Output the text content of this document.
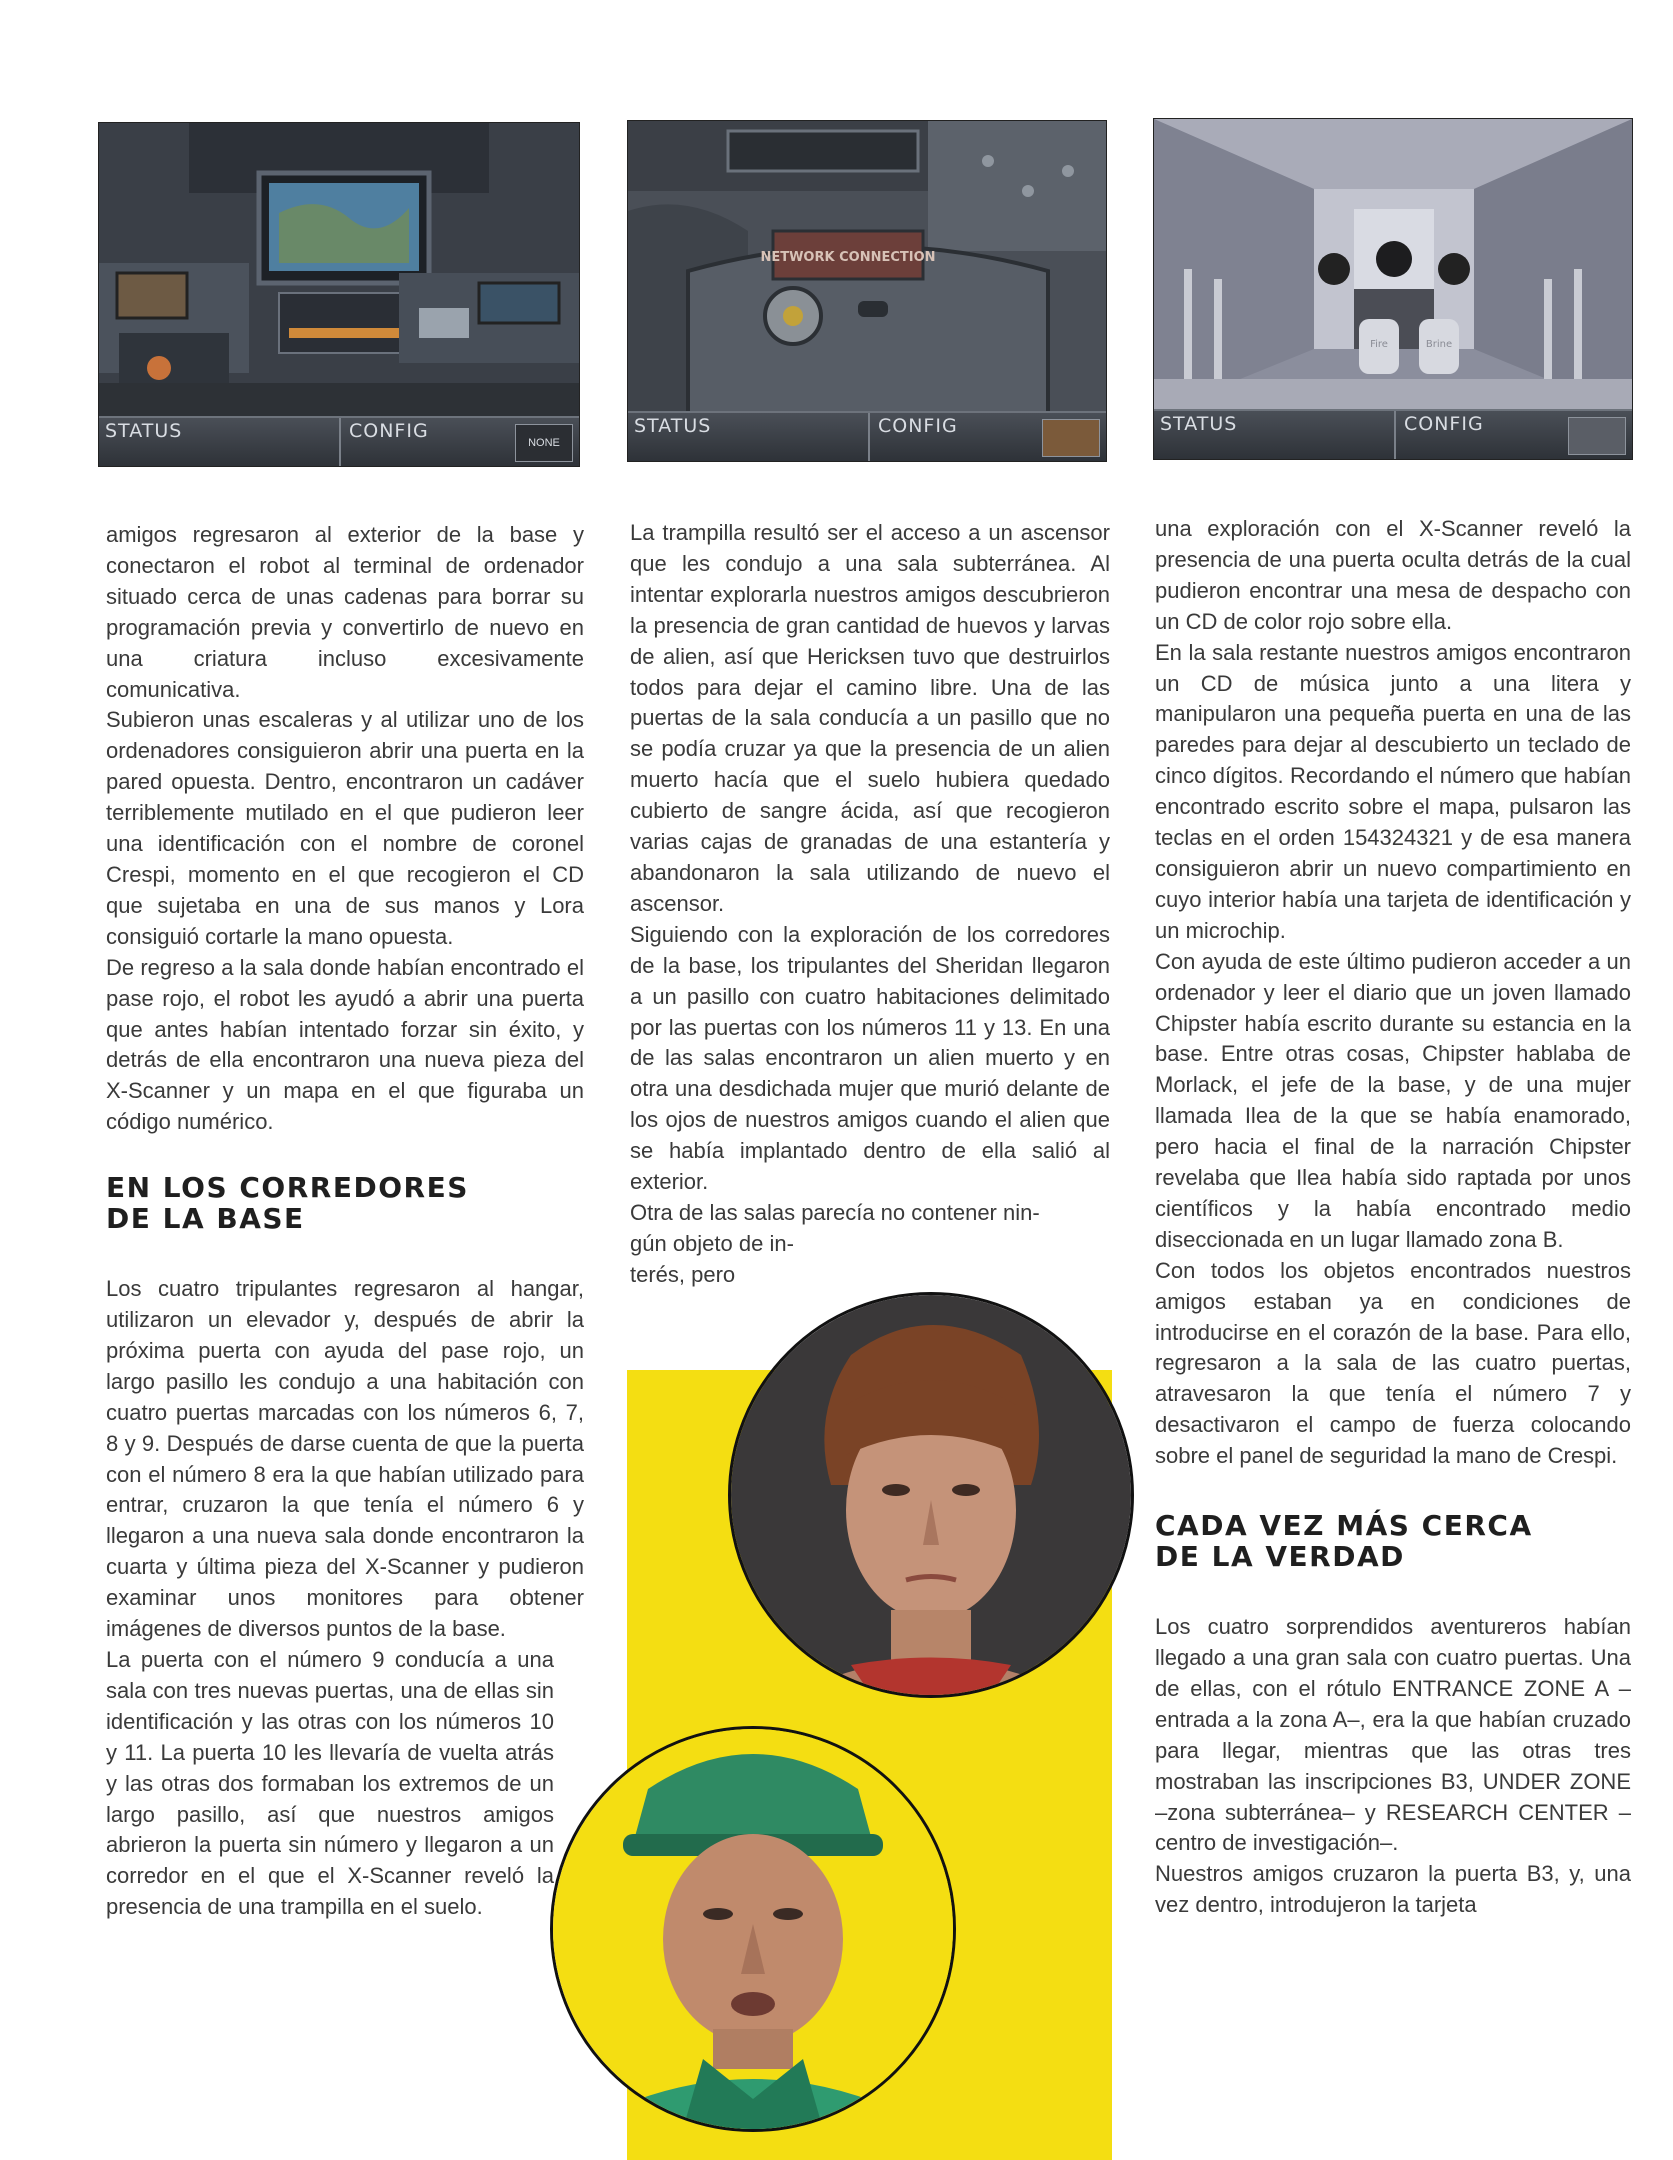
STATUS	CONFIG
NONE
NETWORK CONNECTION
STATUS	CONFIG
Fire	Brine
STATUS	CONFIG

amigos regresaron al exterior de la base y conectaron el robot al terminal de ordenador situado cerca de unas cadenas para borrar su programación previa y convertirlo de nuevo en una criatura incluso excesivamente comunicativa.

Subieron unas escaleras y al utilizar uno de los ordenadores consiguieron abrir una puerta en la pared opuesta. Dentro, encontraron un cadáver terriblemente mutilado en el que pudieron leer una identificación con el nombre de coronel Crespi, momento en el que recogieron el CD que sujetaba en una de sus manos y Lora consiguió cortarle la mano opuesta.

De regreso a la sala donde habían encontrado el pase rojo, el robot les ayudó a abrir una puerta que antes habían intentado forzar sin éxito, y detrás de ella encontraron una nueva pieza del X-Scanner y un mapa en el que figuraba un código numérico.

EN LOS CORREDORES

DE LA BASE

Los cuatro tripulantes regresaron al hangar, utilizaron un elevador y, después de abrir la próxima puerta con ayuda del pase rojo, un largo pasillo les condujo a una habitación con cuatro puertas marcadas con los números 6, 7, 8 y 9. Después de darse cuenta de que la puerta con el número 8 era la que habían utilizado para entrar, cruzaron la que tenía el número 6 y llegaron a una nueva sala donde encontraron la cuarta y última pieza del X-Scanner y pudieron examinar unos monitores para obtener imágenes de diversos puntos de la base.

La puerta con el número 9 conducía a una sala con tres nuevas puertas, una de ellas sin identificación y las otras con los números 10 y 11. La puerta 10 les llevaría de vuelta atrás y las otras dos formaban los extremos de un largo pasillo, así que nuestros amigos abrieron la puerta sin número y llegaron a un corredor en el que el X-Scanner reveló la presencia de una trampilla en el suelo.

La trampilla resultó ser el acceso a un ascensor que les condujo a una sala subterránea. Al intentar explorarla nuestros amigos descubrieron la presencia de gran cantidad de huevos y larvas de alien, así que Hericksen tuvo que destruirlos todos para dejar el camino libre. Una de las puertas de la sala conducía a un pasillo que no se podía cruzar ya que la presencia de un alien muerto hacía que el suelo hubiera quedado cubierto de sangre ácida, así que recogieron varias cajas de granadas de una estantería y abandonaron la sala utilizando de nuevo el ascensor.

Siguiendo con la exploración de los corredores de la base, los tripulantes del Sheridan llegaron a un pasillo con cuatro habitaciones delimitado por las puertas con los números 11 y 13. En una de las salas encontraron un alien muerto y en otra una desdichada mujer que murió delante de los ojos de nuestros amigos cuando el alien que se había implantado dentro de ella salió al exterior.

Otra de las salas parecía no contener nin-

gún objeto de in-

terés, pero

una exploración con el X-Scanner reveló la presencia de una puerta oculta detrás de la cual pudieron encontrar una mesa de despacho con un CD de color rojo sobre ella.

En la sala restante nuestros amigos encontraron un CD de música junto a una litera y manipularon una pequeña puerta en una de las paredes para dejar al descubierto un teclado de cinco dígitos. Recordando el número que habían encontrado escrito sobre el mapa, pulsaron las teclas en el orden 154324321 y de esa manera consiguieron abrir un nuevo compartimiento en cuyo interior había una tarjeta de identificación y un microchip.

Con ayuda de este último pudieron acceder a un ordenador y leer el diario que un joven llamado Chipster había escrito durante su estancia en la base. Entre otras cosas, Chipster hablaba de Morlack, el jefe de la base, y de una mujer llamada Ilea de la que se había enamorado, pero hacia el final de la narración Chipster revelaba que Ilea había sido raptada por unos científicos y la había encontrado medio diseccionada en un lugar llamado zona B.

Con todos los objetos encontrados nuestros amigos estaban ya en condiciones de introducirse en el corazón de la base. Para ello, regresaron a la sala de las cuatro puertas, atravesaron la que tenía el número 7 y desactivaron el campo de fuerza colocando sobre el panel de seguridad la mano de Crespi.

CADA VEZ MÁS CERCA

DE LA VERDAD

Los cuatro sorprendidos aventureros habían llegado a una gran sala con cuatro puertas. Una de ellas, con el rótulo ENTRANCE ZONE A –entrada a la zona A–, era la que habían cruzado para llegar, mientras que las otras tres mostraban las inscripciones B3, UNDER ZONE –zona subterránea– y RESEARCH CENTER –centro de investigación–.

Nuestros amigos cruzaron la puerta B3, y, una vez dentro, introdujeron la tarjeta
